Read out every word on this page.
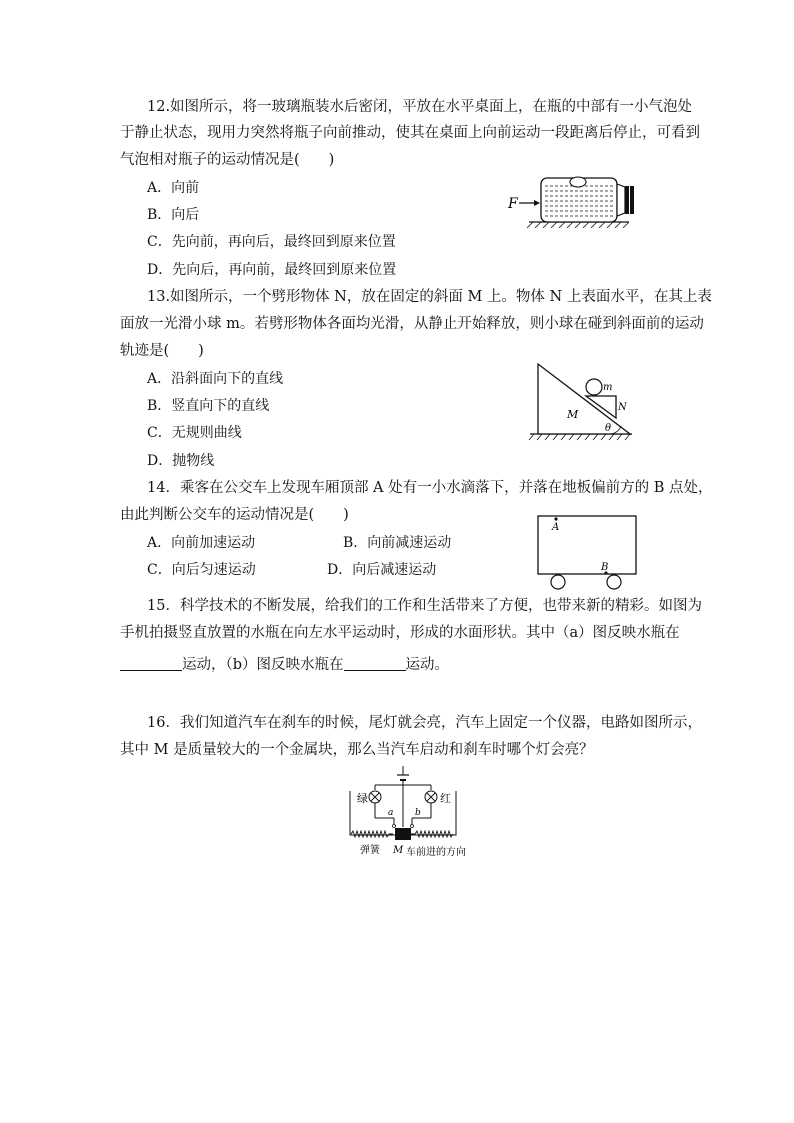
12.如图所示，将一玻璃瓶装水后密闭，平放在水平桌面上，在瓶的中部有一小气泡处
于静止状态，现用力突然将瓶子向前推动，使其在桌面上向前运动一段距离后停止，可看到
气泡相对瓶子的运动情况是(　　)
A．向前
B．向后
C．先向前，再向后，最终回到原来位置
D．先向后，再向前，最终回到原来位置
F
13.如图所示，一个劈形物体 N，放在固定的斜面 M 上。物体 N 上表面水平，在其上表
面放一光滑小球 m。若劈形物体各面均光滑，从静止开始释放，则小球在碰到斜面前的运动
轨迹是(　　)
A．沿斜面向下的直线
B．竖直向下的直线
C．无规则曲线
D．抛物线
m
N
M
θ
14．乘客在公交车上发现车厢顶部 A 处有一小水滴落下，并落在地板偏前方的 B 点处，
由此判断公交车的运动情况是(　　)
A．向前加速运动	B．向前减速运动
C．向后匀速运动	D．向后减速运动
A
B
15．科学技术的不断发展，给我们的工作和生活带来了方便，也带来新的精彩。如图为
手机拍摄竖直放置的水瓶在向左水平运动时，形成的水面形状。其中（a）图反映水瓶在
运动，（b）图反映水瓶在	运动。
16．我们知道汽车在刹车的时候，尾灯就会亮，汽车上固定一个仪器，电路如图所示，
其中 M 是质量较大的一个金属块，那么当汽车启动和刹车时哪个灯会亮？
绿	红
a b
弹簧 M 车前进的方向
